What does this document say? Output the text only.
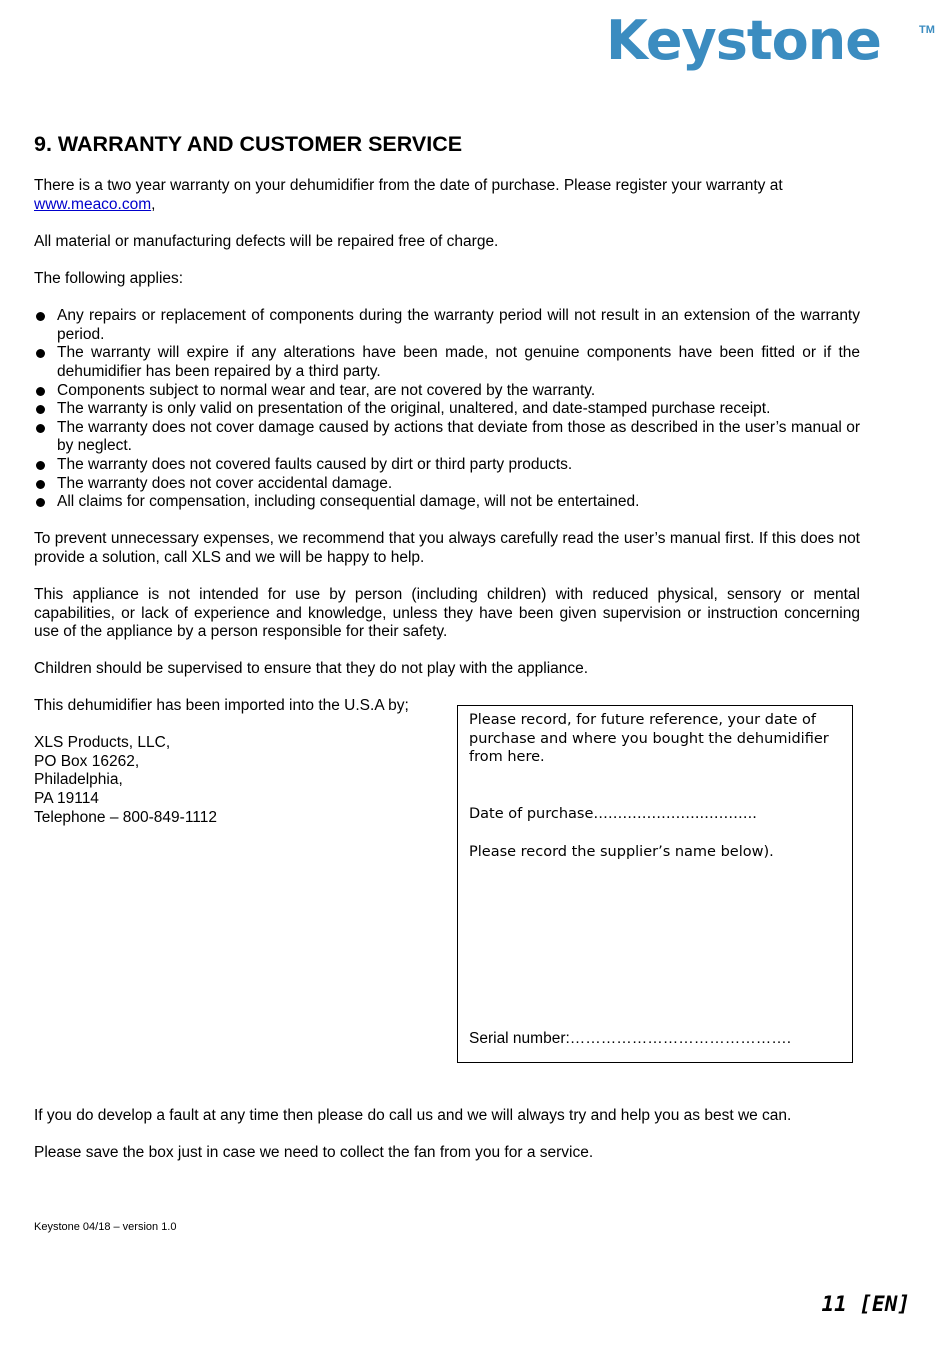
Keystone	TM
9. WARRANTY AND CUSTOMER SERVICE

There is a two year warranty on your dehumidifier from the date of purchase. Please register your warranty at www.meaco.com,

All material or manufacturing defects will be repaired free of charge.

The following applies:

Any repairs or replacement of components during the warranty period will not result in an extension of the warranty period.
The warranty will expire if any alterations have been made, not genuine components have been fitted or if the dehumidifier has been repaired by a third party.
Components subject to normal wear and tear, are not covered by the warranty.
The warranty is only valid on presentation of the original, unaltered, and date-stamped purchase receipt.
The warranty does not cover damage caused by actions that deviate from those as described in the user’s manual or by neglect.
The warranty does not covered faults caused by dirt or third party products.
The warranty does not cover accidental damage.
All claims for compensation, including consequential damage, will not be entertained.

To prevent unnecessary expenses, we recommend that you always carefully read the user’s manual first. If this does not provide a solution, call XLS and we will be happy to help.

This appliance is not intended for use by person (including children) with reduced physical, sensory or mental capabilities, or lack of experience and knowledge, unless they have been given supervision or instruction concerning use of the appliance by a person responsible for their safety.

Children should be supervised to ensure that they do not play with the appliance.

This dehumidifier has been imported into the U.S.A by;

XLS Products, LLC,

PO Box 16262,

Philadelphia,

PA 19114

Telephone – 800-849-1112

Please record, for future reference, your date of purchase and where you bought the dehumidifier from here.
Date of purchase…………………..………..
Please record the supplier’s name below).
Serial number:…………………………………….

If you do develop a fault at any time then please do call us and we will always try and help you as best we can.

Please save the box just in case we need to collect the fan from you for a service.

Keystone 04/18 – version 1.0
11 [EN]
